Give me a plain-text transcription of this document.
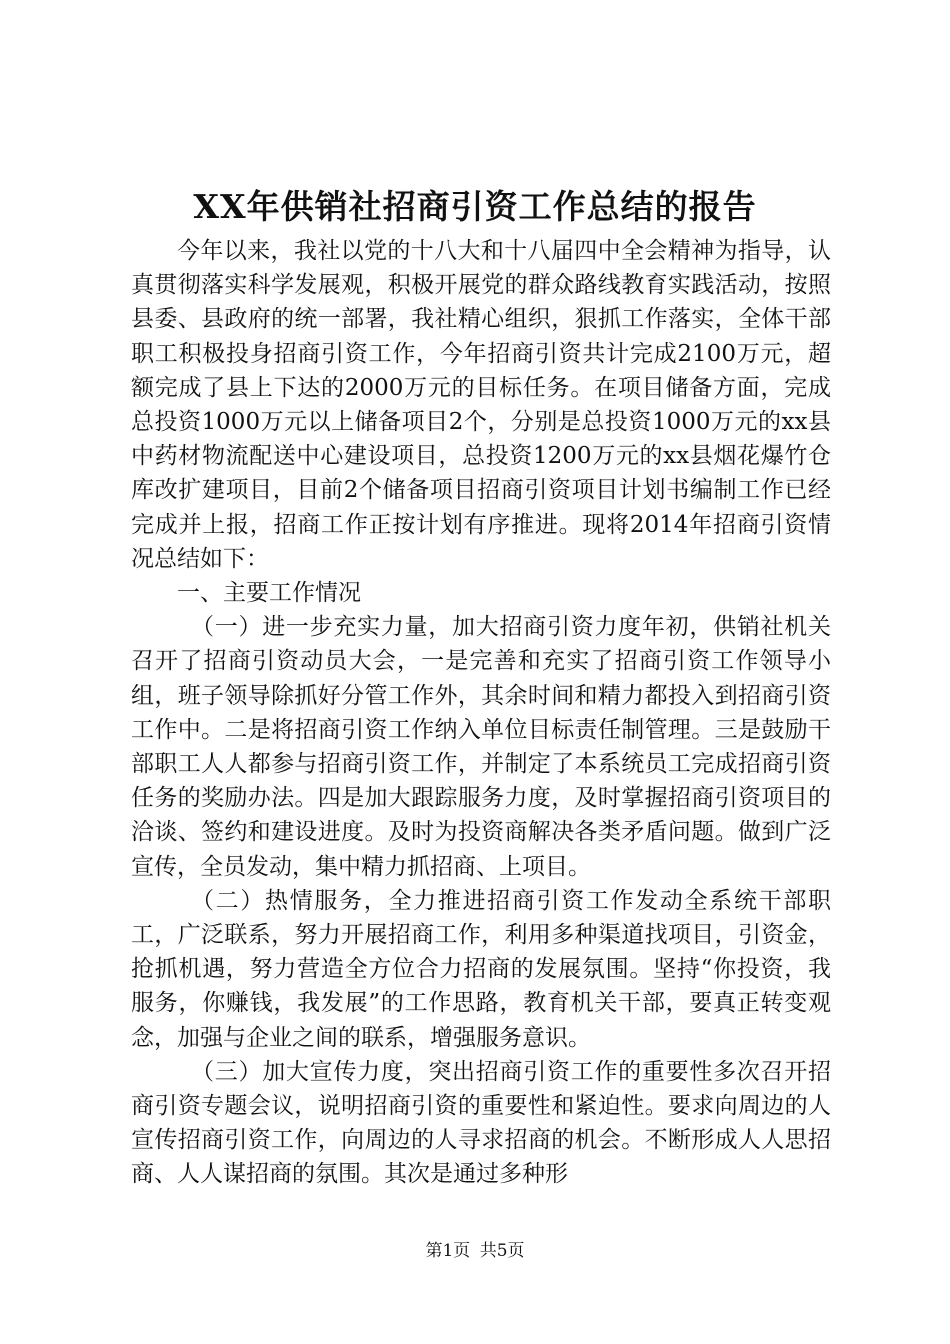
XX年供销社招商引资工作总结的报告

今年以来，我社以党的十八大和十八届四中全会精神为指导，认真贯彻落实科学发展观，积极开展党的群众路线教育实践活动，按照县委、县政府的统一部署，我社精心组织，狠抓工作落实，全体干部职工积极投身招商引资工作，今年招商引资共计完成2100万元，超额完成了县上下达的2000万元的目标任务。在项目储备方面，完成总投资1000万元以上储备项目2个，分别是总投资1000万元的xx县中药材物流配送中心建设项目，总投资1200万元的xx县烟花爆竹仓库改扩建项目，目前2个储备项目招商引资项目计划书编制工作已经完成并上报，招商工作正按计划有序推进。现将2014年招商引资情况总结如下：

一、主要工作情况

（一）进一步充实力量，加大招商引资力度年初，供销社机关召开了招商引资动员大会，一是完善和充实了招商引资工作领导小组，班子领导除抓好分管工作外，其余时间和精力都投入到招商引资工作中。二是将招商引资工作纳入单位目标责任制管理。三是鼓励干部职工人人都参与招商引资工作，并制定了本系统员工完成招商引资任务的奖励办法。四是加大跟踪服务力度，及时掌握招商引资项目的洽谈、签约和建设进度。及时为投资商解决各类矛盾问题。做到广泛宣传，全员发动，集中精力抓招商、上项目。

（二）热情服务，全力推进招商引资工作发动全系统干部职工，广泛联系，努力开展招商工作，利用多种渠道找项目，引资金，抢抓机遇，努力营造全方位合力招商的发展氛围。坚持“你投资，我服务，你赚钱，我发展”的工作思路，教育机关干部，要真正转变观念，加强与企业之间的联系，增强服务意识。

（三）加大宣传力度，突出招商引资工作的重要性多次召开招商引资专题会议，说明招商引资的重要性和紧迫性。要求向周边的人宣传招商引资工作，向周边的人寻求招商的机会。不断形成人人思招商、人人谋招商的氛围。其次是通过多种形

第1页 共5页
